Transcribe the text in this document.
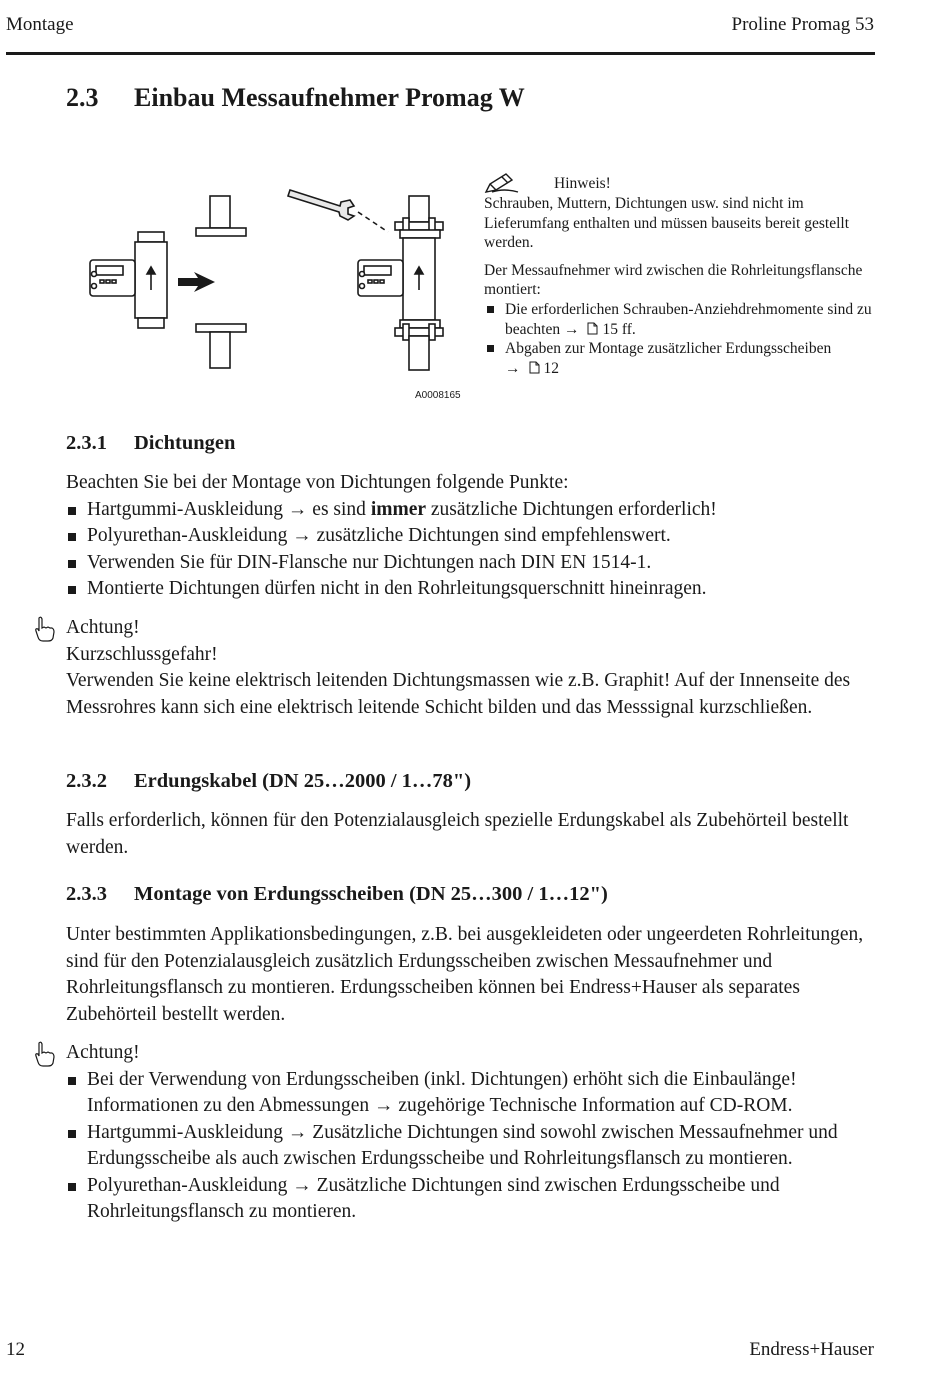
Montage	Proline Promag 53
2.3 Einbau Messaufnehmer Promag W
A0008165
Hinweis!

Schrauben, Muttern, Dichtungen usw. sind nicht im Lieferumfang enthalten und müssen bauseits bereit gestellt werden.

Der Messaufnehmer wird zwischen die Rohrleitungsflansche montiert:

Die erforderlichen Schrauben-Anziehdrehmomente sind zu beachten → 15 ff.
Abgaben zur Montage zusätzlicher Erdungsscheiben
→ 12
2.3.1 Dichtungen

Beachten Sie bei der Montage von Dichtungen folgende Punkte:

Hartgummi-Auskleidung → es sind immer zusätzliche Dichtungen erforderlich!
Polyurethan-Auskleidung → zusätzliche Dichtungen sind empfehlenswert.
Verwenden Sie für DIN-Flansche nur Dichtungen nach DIN EN 1514-1.
Montierte Dichtungen dürfen nicht in den Rohrleitungsquerschnitt hineinragen.

Achtung!

Kurzschlussgefahr!

Verwenden Sie keine elektrisch leitenden Dichtungsmassen wie z.B. Graphit! Auf der Innenseite des Messrohres kann sich eine elektrisch leitende Schicht bilden und das Messsignal kurzschließen.

2.3.2 Erdungskabel (DN 25…2000 / 1…78")

Falls erforderlich, können für den Potenzialausgleich spezielle Erdungskabel als Zubehörteil bestellt werden.

2.3.3 Montage von Erdungsscheiben (DN 25…300 / 1…12")

Unter bestimmten Applikationsbedingungen, z.B. bei ausgekleideten oder ungeerdeten Rohrleitungen, sind für den Potenzialausgleich zusätzlich Erdungsscheiben zwischen Messaufnehmer und Rohrleitungsflansch zu montieren. Erdungsscheiben können bei Endress+Hauser als separates Zubehörteil bestellt werden.

Achtung!

Bei der Verwendung von Erdungsscheiben (inkl. Dichtungen) erhöht sich die Einbaulänge! Informationen zu den Abmessungen → zugehörige Technische Information auf CD-ROM.
Hartgummi-Auskleidung → Zusätzliche Dichtungen sind sowohl zwischen Messaufnehmer und Erdungsscheibe als auch zwischen Erdungsscheibe und Rohrleitungsflansch zu montieren.
Polyurethan-Auskleidung → Zusätzliche Dichtungen sind zwischen Erdungsscheibe und Rohrleitungsflansch zu montieren.
12	Endress+Hauser
